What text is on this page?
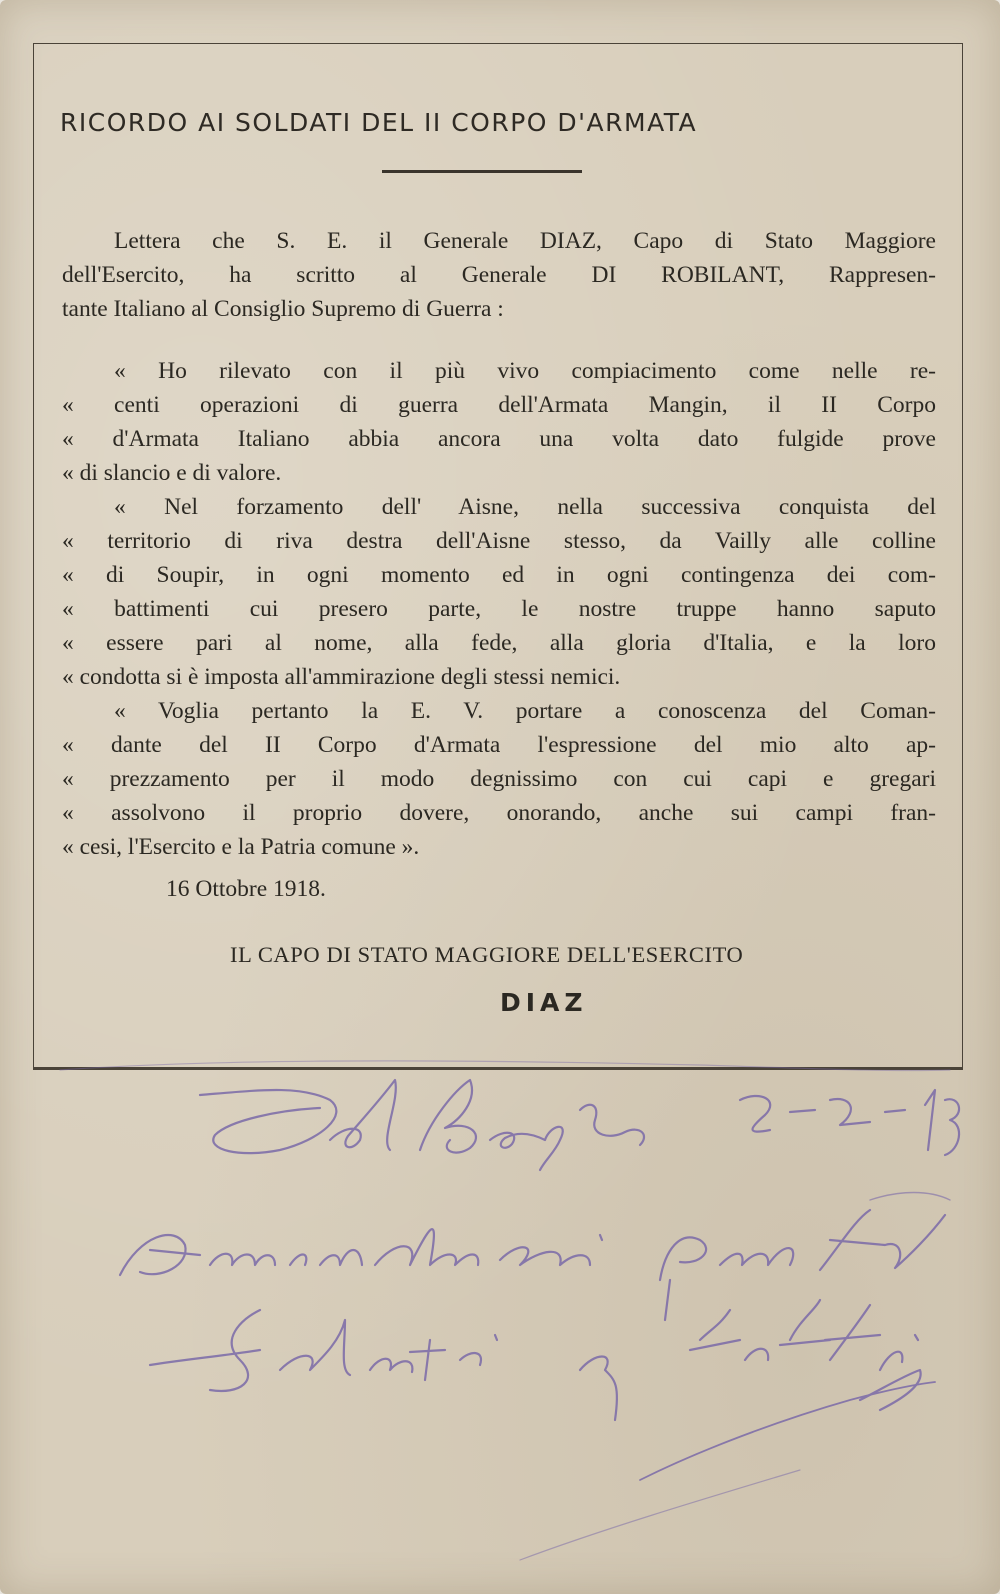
RICORDO AI SOLDATI DEL II CORPO D'ARMATA
Lettera che S. E. il Generale DIAZ, Capo di Stato Maggiore
dell'Esercito, ha scritto al Generale DI ROBILANT, Rappresen-
tante Italiano al Consiglio Supremo di Guerra :
« Ho rilevato con il più vivo compiacimento come nelle re-
« centi operazioni di guerra dell'Armata Mangin, il II Corpo
« d'Armata Italiano abbia ancora una volta dato fulgide prove
« di slancio e di valore.
« Nel forzamento dell' Aisne, nella successiva conquista del
« territorio di riva destra dell'Aisne stesso, da Vailly alle colline
« di Soupir, in ogni momento ed in ogni contingenza dei com-
« battimenti cui presero parte, le nostre truppe hanno saputo
« essere pari al nome, alla fede, alla gloria d'Italia, e la loro
« condotta si è imposta all'ammirazione degli stessi nemici.
« Voglia pertanto la E. V. portare a conoscenza del Coman-
« dante del II Corpo d'Armata l'espressione del mio alto ap-
« prezzamento per il modo degnissimo con cui capi e gregari
« assolvono il proprio dovere, onorando, anche sui campi fran-
« cesi, l'Esercito e la Patria comune ».
16 Ottobre 1918.
IL CAPO DI STATO MAGGIORE DELL'ESERCITO
DIAZ
